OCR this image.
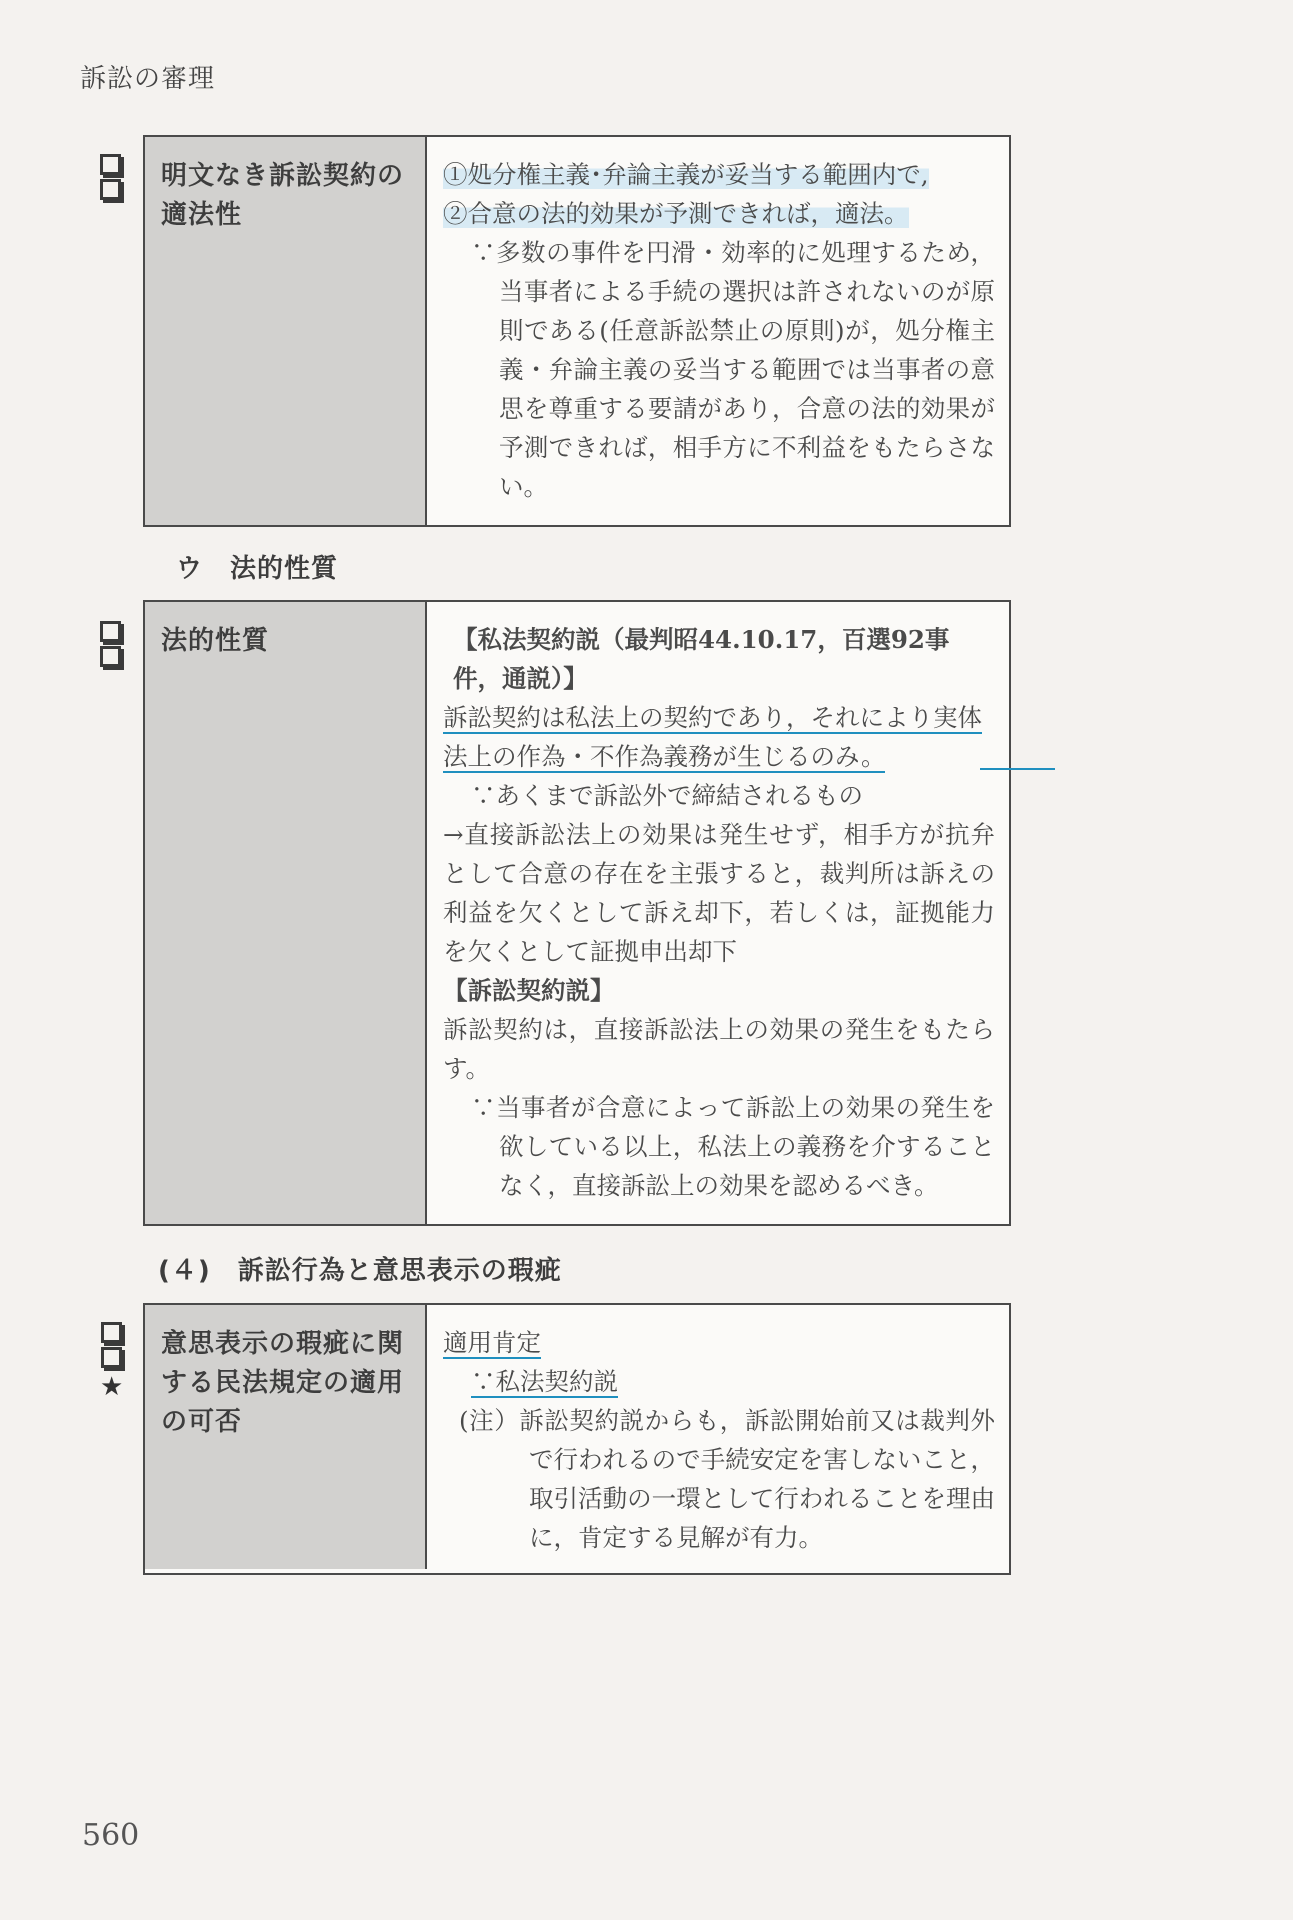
訴訟の審理
明文なき訴訟契約の適法性

①処分権主義･弁論主義が妥当する範囲内で,

②合意の法的効果が予測できれば，適法。

∵多数の事件を円滑・効率的に処理するため，当事者による手続の選択は許されないのが原則である(任意訴訟禁止の原則)が，処分権主義・弁論主義の妥当する範囲では当事者の意思を尊重する要請があり，合意の法的効果が予測できれば，相手方に不利益をもたらさない。

ウ　法的性質
法的性質	【私法契約説（最判昭44.10.17，百選92事件，通説）】

訴訟契約は私法上の契約であり，それにより実体法上の作為・不作為義務が生じるのみ。

∵あくまで訴訟外で締結されるもの

→直接訴訟法上の効果は発生せず，相手方が抗弁として合意の存在を主張すると，裁判所は訴えの利益を欠くとして訴え却下，若しくは，証拠能力を欠くとして証拠申出却下

【訴訟契約説】

訴訟契約は，直接訴訟法上の効果の発生をもたらす。

∵当事者が合意によって訴訟上の効果の発生を欲している以上，私法上の義務を介することなく，直接訴訟上の効果を認めるべき。

(４)　訴訟行為と意思表示の瑕疵
★
意思表示の瑕疵に関する民法規定の適用の可否

適用肯定

∵私法契約説

(注）訴訟契約説からも，訴訟開始前又は裁判外で行われるので手続安定を害しないこと，取引活動の一環として行われることを理由に，肯定する見解が有力。

560
